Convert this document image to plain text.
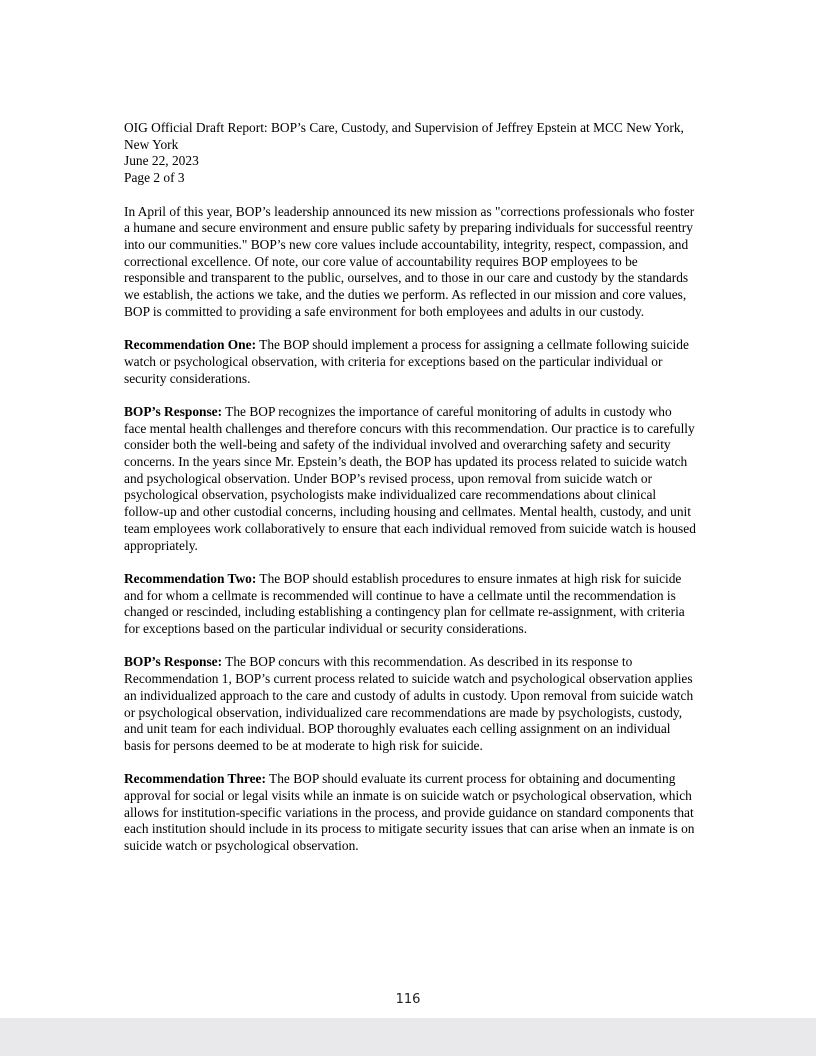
OIG Official Draft Report: BOP’s Care, Custody, and Supervision of Jeffrey Epstein at MCC New York, New York

June 22, 2023

Page 2 of 3

In April of this year, BOP’s leadership announced its new mission as "corrections professionals who foster a humane and secure environment and ensure public safety by preparing individuals for successful reentry into our communities." BOP’s new core values include accountability, integrity, respect, compassion, and correctional excellence. Of note, our core value of accountability requires BOP employees to be responsible and transparent to the public, ourselves, and to those in our care and custody by the standards we establish, the actions we take, and the duties we perform. As reflected in our mission and core values, BOP is committed to providing a safe environment for both employees and adults in our custody.

Recommendation One: The BOP should implement a process for assigning a cellmate following suicide watch or psychological observation, with criteria for exceptions based on the particular individual or security considerations.

BOP’s Response: The BOP recognizes the importance of careful monitoring of adults in custody who face mental health challenges and therefore concurs with this recommendation. Our practice is to carefully consider both the well-being and safety of the individual involved and overarching safety and security concerns. In the years since Mr. Epstein’s death, the BOP has updated its process related to suicide watch and psychological observation. Under BOP’s revised process, upon removal from suicide watch or psychological observation, psychologists make individualized care recommendations about clinical follow-up and other custodial concerns, including housing and cellmates. Mental health, custody, and unit team employees work collaboratively to ensure that each individual removed from suicide watch is housed appropriately.

Recommendation Two: The BOP should establish procedures to ensure inmates at high risk for suicide and for whom a cellmate is recommended will continue to have a cellmate until the recommendation is changed or rescinded, including establishing a contingency plan for cellmate re-assignment, with criteria for exceptions based on the particular individual or security considerations.

BOP’s Response: The BOP concurs with this recommendation. As described in its response to Recommendation 1, BOP’s current process related to suicide watch and psychological observation applies an individualized approach to the care and custody of adults in custody. Upon removal from suicide watch or psychological observation, individualized care recommendations are made by psychologists, custody, and unit team for each individual. BOP thoroughly evaluates each celling assignment on an individual basis for persons deemed to be at moderate to high risk for suicide.

Recommendation Three: The BOP should evaluate its current process for obtaining and documenting approval for social or legal visits while an inmate is on suicide watch or psychological observation, which allows for institution-specific variations in the process, and provide guidance on standard components that each institution should include in its process to mitigate security issues that can arise when an inmate is on suicide watch or psychological observation.

116
